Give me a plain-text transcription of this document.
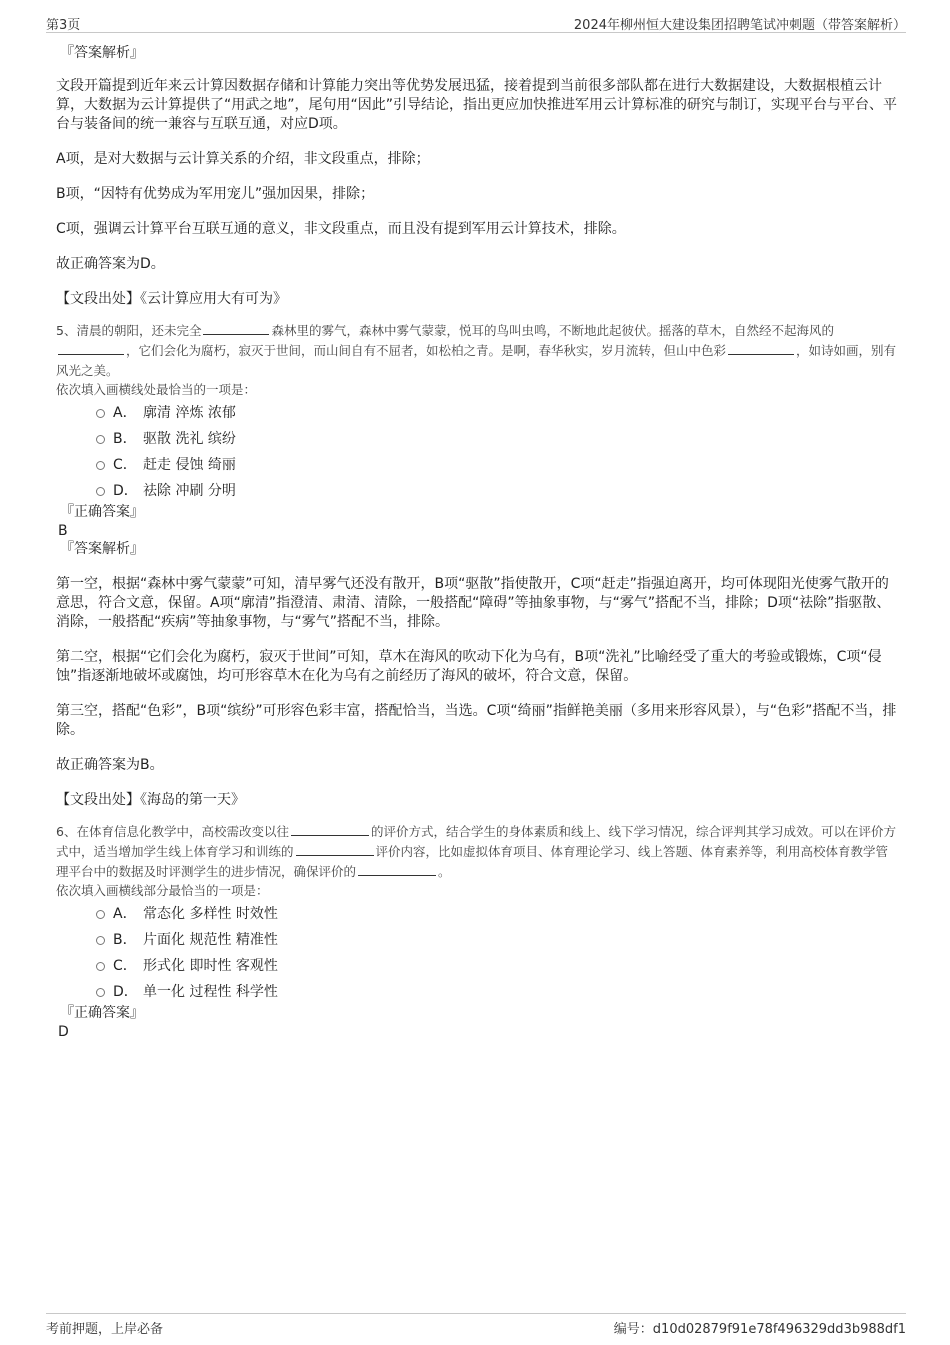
第3页	2024年柳州恒大建设集团招聘笔试冲刺题（带答案解析）

『答案解析』

文段开篇提到近年来云计算因数据存储和计算能力突出等优势发展迅猛，接着提到当前很多部队都在进行大数据建设，大数据根植云计算，大数据为云计算提供了“用武之地”，尾句用“因此”引导结论，指出更应加快推进军用云计算标准的研究与制订，实现平台与平台、平台与装备间的统一兼容与互联互通，对应D项。

A项，是对大数据与云计算关系的介绍，非文段重点，排除；

B项，“因特有优势成为军用宠儿”强加因果，排除；

C项，强调云计算平台互联互通的意义，非文段重点，而且没有提到军用云计算技术，排除。

故正确答案为D。

【文段出处】《云计算应用大有可为》

5、清晨的朝阳，还未完全	森林里的雾气，森林中雾气蒙蒙，悦耳的鸟叫虫鸣，不断地此起彼伏。摇落的草木，自然经不起海风的，它们会化为腐朽，寂灭于世间，而山间自有不屈者，如松柏之青。是啊，春华秋实，岁月流转，但山中色彩	，如诗如画，别有风光之美。

依次填入画横线处最恰当的一项是：

A． 廓清 淬炼 浓郁
B． 驱散 洗礼 缤纷
C． 赶走 侵蚀 绮丽
D． 祛除 冲刷 分明

『正确答案』

B

『答案解析』

第一空，根据“森林中雾气蒙蒙”可知，清早雾气还没有散开，B项“驱散”指使散开，C项“赶走”指强迫离开，均可体现阳光使雾气散开的意思，符合文意，保留。A项“廓清”指澄清、肃清、清除，一般搭配“障碍”等抽象事物，与“雾气”搭配不当，排除；D项“祛除”指驱散、消除，一般搭配“疾病”等抽象事物，与“雾气”搭配不当，排除。

第二空，根据“它们会化为腐朽，寂灭于世间”可知，草木在海风的吹动下化为乌有，B项“洗礼”比喻经受了重大的考验或锻炼，C项“侵蚀”指逐渐地破坏或腐蚀，均可形容草木在化为乌有之前经历了海风的破坏，符合文意，保留。

第三空，搭配“色彩”，B项“缤纷”可形容色彩丰富，搭配恰当，当选。C项“绮丽”指鲜艳美丽（多用来形容风景），与“色彩”搭配不当，排除。

故正确答案为B。

【文段出处】《海岛的第一天》

6、在体育信息化教学中，高校需改变以往	的评价方式，结合学生的身体素质和线上、线下学习情况，综合评判其学习成效。可以在评价方式中，适当增加学生线上体育学习和训练的	评价内容，比如虚拟体育项目、体育理论学习、线上答题、体育素养等，利用高校体育教学管理平台中的数据及时评测学生的进步情况，确保评价的	。

依次填入画横线部分最恰当的一项是：

A． 常态化 多样性 时效性
B． 片面化 规范性 精准性
C． 形式化 即时性 客观性
D． 单一化 过程性 科学性

『正确答案』

D

考前押题，上岸必备	编号：d10d02879f91e78f496329dd3b988df1
